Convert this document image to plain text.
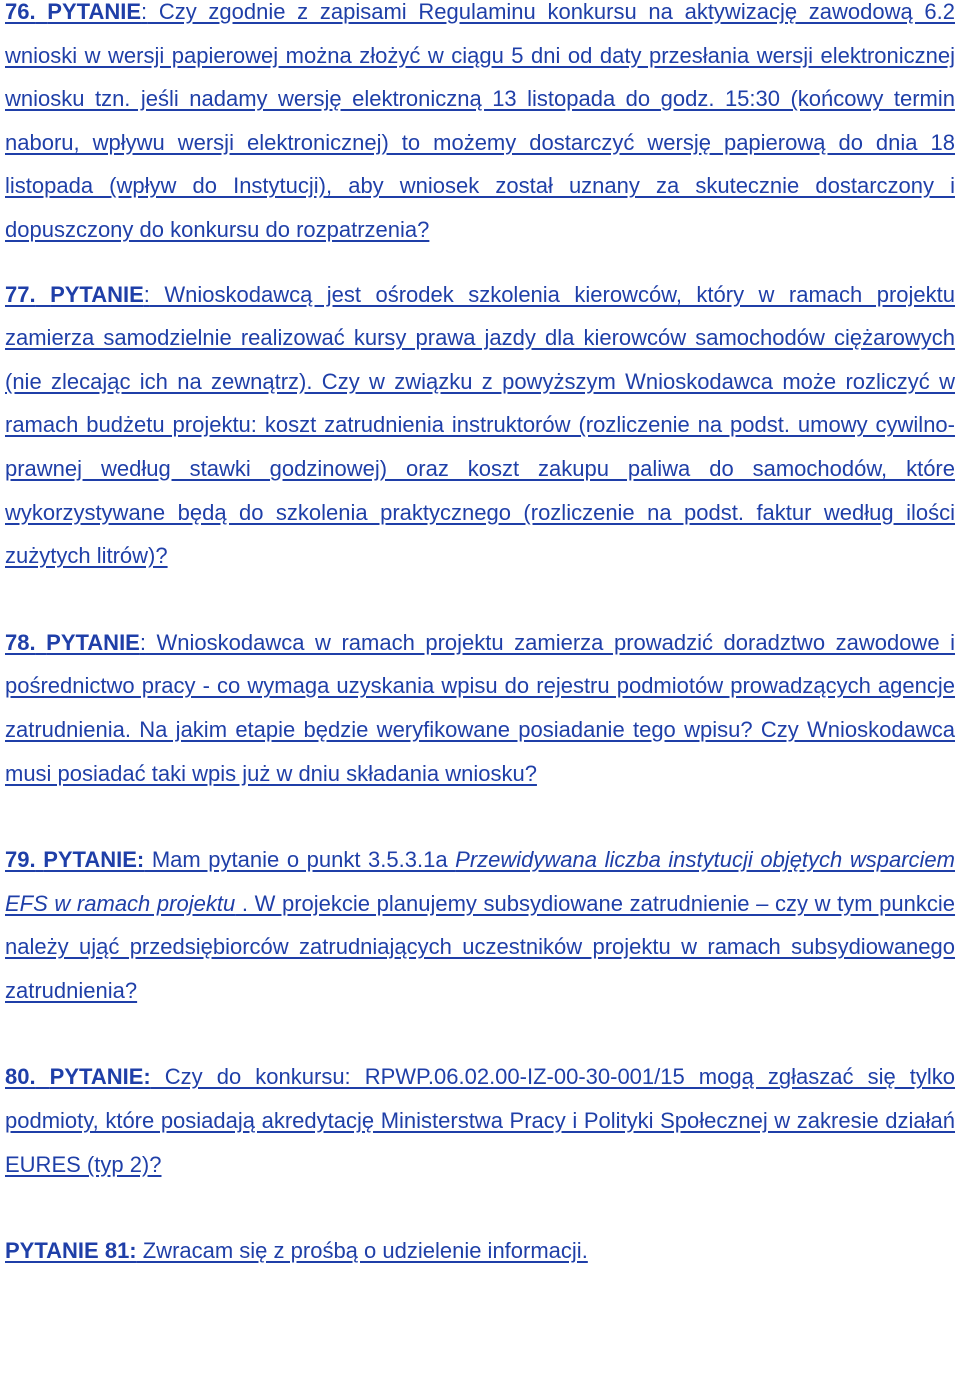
76. PYTANIE: Czy zgodnie z zapisami Regulaminu konkursu na aktywizację zawodową 6.2 wnioski w wersji papierowej można złożyć w ciągu 5 dni od daty przesłania wersji elektronicznej wniosku tzn. jeśli nadamy wersję elektroniczną 13 listopada do godz. 15:30 (końcowy termin naboru, wpływu wersji elektronicznej) to możemy dostarczyć wersję papierową do dnia 18 listopada (wpływ do Instytucji), aby wniosek został uznany za skutecznie dostarczony i dopuszczony do konkursu do rozpatrzenia?

77. PYTANIE: Wnioskodawcą jest ośrodek szkolenia kierowców, który w ramach projektu zamierza samodzielnie realizować kursy prawa jazdy dla kierowców samochodów ciężarowych (nie zlecając ich na zewnątrz). Czy w związku z powyższym Wnioskodawca może rozliczyć w ramach budżetu projektu: koszt zatrudnienia instruktorów (rozliczenie na podst. umowy cywilno-prawnej według stawki godzinowej) oraz koszt zakupu paliwa do samochodów, które wykorzystywane będą do szkolenia praktycznego (rozliczenie na podst. faktur według ilości zużytych litrów)?

78. PYTANIE: Wnioskodawca w ramach projektu zamierza prowadzić doradztwo zawodowe i pośrednictwo pracy - co wymaga uzyskania wpisu do rejestru podmiotów prowadzących agencje zatrudnienia. Na jakim etapie będzie weryfikowane posiadanie tego wpisu? Czy Wnioskodawca musi posiadać taki wpis już w dniu składania wniosku?

79. PYTANIE: Mam pytanie o punkt 3.5.3.1a Przewidywana liczba instytucji objętych wsparciem EFS w ramach projektu . W projekcie planujemy subsydiowane zatrudnienie – czy w tym punkcie należy ująć przedsiębiorców zatrudniających uczestników projektu w ramach subsydiowanego zatrudnienia?

80. PYTANIE: Czy do konkursu: RPWP.06.02.00-IZ-00-30-001/15 mogą zgłaszać się tylko podmioty, które posiadają akredytację Ministerstwa Pracy i Polityki Społecznej w zakresie działań EURES (typ 2)?

PYTANIE 81: Zwracam się z prośbą o udzielenie informacji.
